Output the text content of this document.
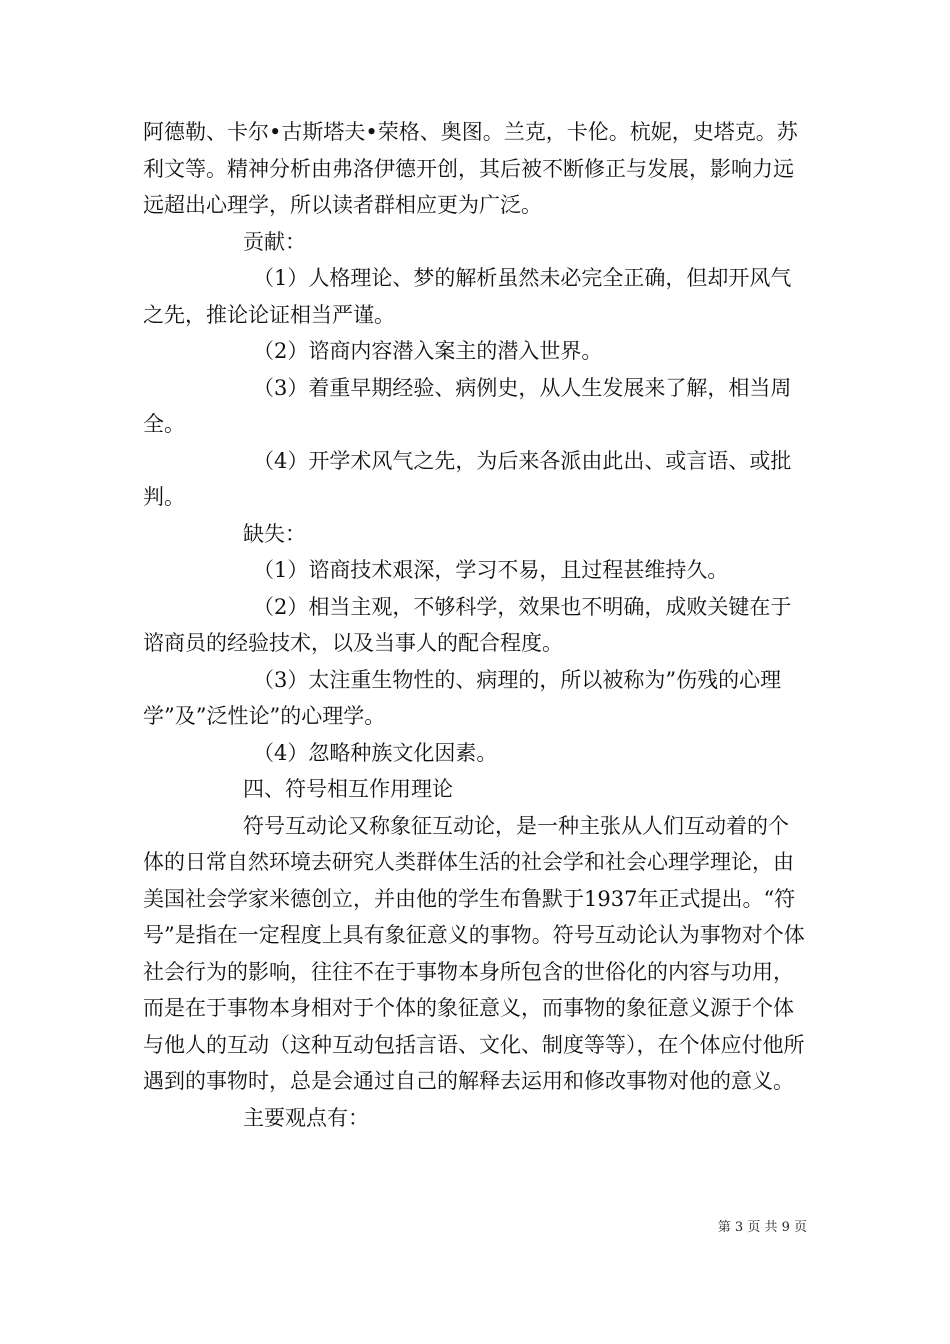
阿德勒、卡尔•古斯塔夫•荣格、奥图。兰克，卡伦。杭妮，史塔克。苏利文等。精神分析由弗洛伊德开创，其后被不断修正与发展，影响力远远超出心理学，所以读者群相应更为广泛。

贡献：

（1）人格理论、梦的解析虽然未必完全正确，但却开风气之先，推论论证相当严谨。

（2）谘商内容潜入案主的潜入世界。

（3）着重早期经验、病例史，从人生发展来了解，相当周全。

（4）开学术风气之先，为后来各派由此出、或言语、或批判。

缺失：

（1）谘商技术艰深，学习不易，且过程甚维持久。

（2）相当主观，不够科学，效果也不明确，成败关键在于谘商员的经验技术，以及当事人的配合程度。

（3）太注重生物性的、病理的，所以被称为”伤残的心理学”及”泛性论”的心理学。

（4）忽略种族文化因素。

四、符号相互作用理论

符号互动论又称象征互动论，是一种主张从人们互动着的个体的日常自然环境去研究人类群体生活的社会学和社会心理学理论，由美国社会学家米德创立，并由他的学生布鲁默于1937年正式提出。“符号”是指在一定程度上具有象征意义的事物。符号互动论认为事物对个体社会行为的影响，往往不在于事物本身所包含的世俗化的内容与功用，而是在于事物本身相对于个体的象征意义，而事物的象征意义源于个体与他人的互动（这种互动包括言语、文化、制度等等），在个体应付他所遇到的事物时，总是会通过自己的解释去运用和修改事物对他的意义。

主要观点有：

第 3 页 共 9 页
